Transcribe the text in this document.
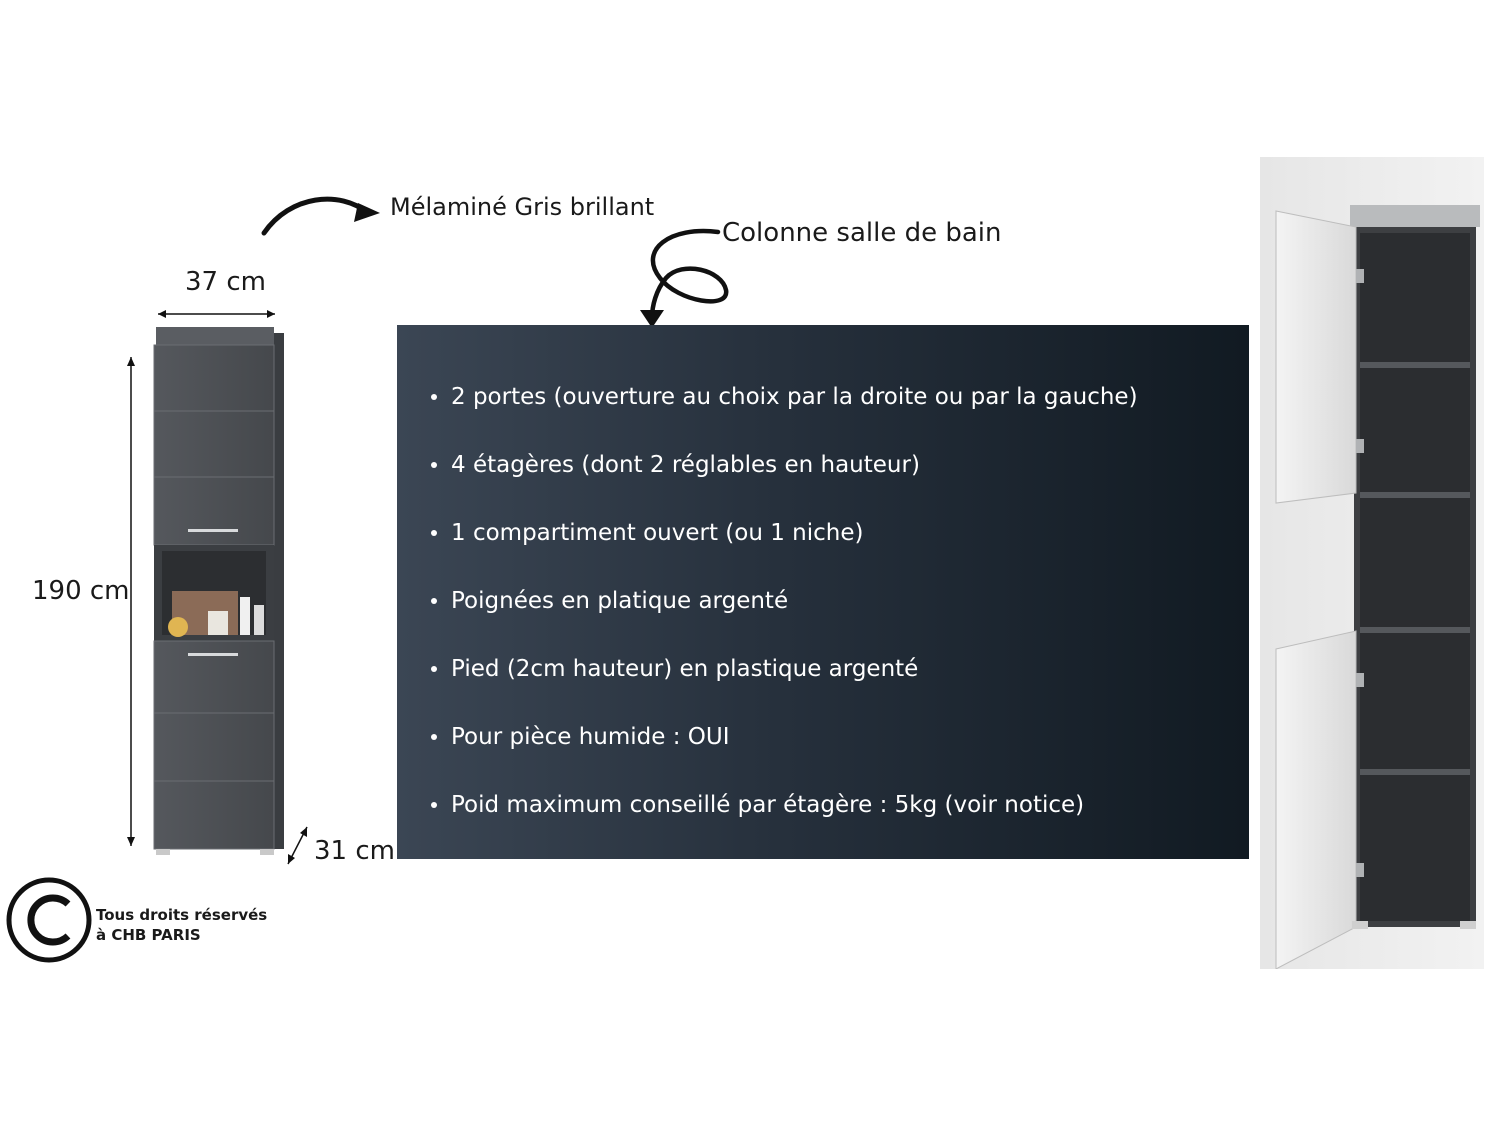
Mélaminé Gris brillant
Colonne salle de bain
37 cm
190 cm
31 cm
2 portes (ouverture au choix par la droite ou par la gauche)
4 étagères (dont 2 réglables en hauteur)
1 compartiment ouvert (ou 1 niche)
Poignées en platique argenté
Pied (2cm hauteur) en plastique argenté
Pour pièce humide : OUI
Poid maximum conseillé par étagère : 5kg (voir notice)
Tous droits réservés
à CHB PARIS
